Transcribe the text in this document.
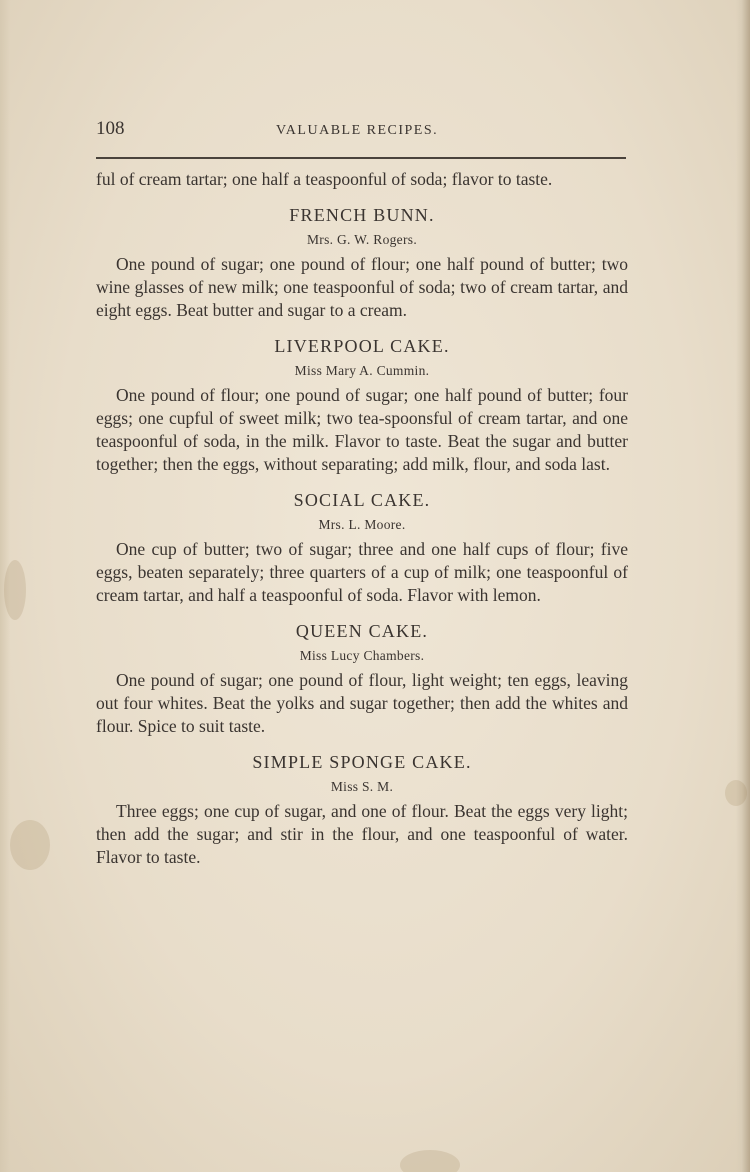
108	VALUABLE RECIPES.

ful of cream tartar; one half a teaspoonful of soda; flavor to taste.

FRENCH BUNN.
Mrs. G. W. Rogers.

One pound of sugar; one pound of flour; one half pound of butter; two wine glasses of new milk; one teaspoonful of soda; two of cream tartar, and eight eggs. Beat butter and sugar to a cream.

LIVERPOOL CAKE.
Miss Mary A. Cummin.

One pound of flour; one pound of sugar; one half pound of butter; four eggs; one cupful of sweet milk; two tea-spoonsful of cream tartar, and one teaspoonful of soda, in the milk. Flavor to taste. Beat the sugar and butter together; then the eggs, without separating; add milk, flour, and soda last.

SOCIAL CAKE.
Mrs. L. Moore.

One cup of butter; two of sugar; three and one half cups of flour; five eggs, beaten separately; three quarters of a cup of milk; one teaspoonful of cream tartar, and half a teaspoonful of soda. Flavor with lemon.

QUEEN CAKE.
Miss Lucy Chambers.

One pound of sugar; one pound of flour, light weight; ten eggs, leaving out four whites. Beat the yolks and sugar together; then add the whites and flour. Spice to suit taste.

SIMPLE SPONGE CAKE.
Miss S. M.

Three eggs; one cup of sugar, and one of flour. Beat the eggs very light; then add the sugar; and stir in the flour, and one teaspoonful of water. Flavor to taste.
